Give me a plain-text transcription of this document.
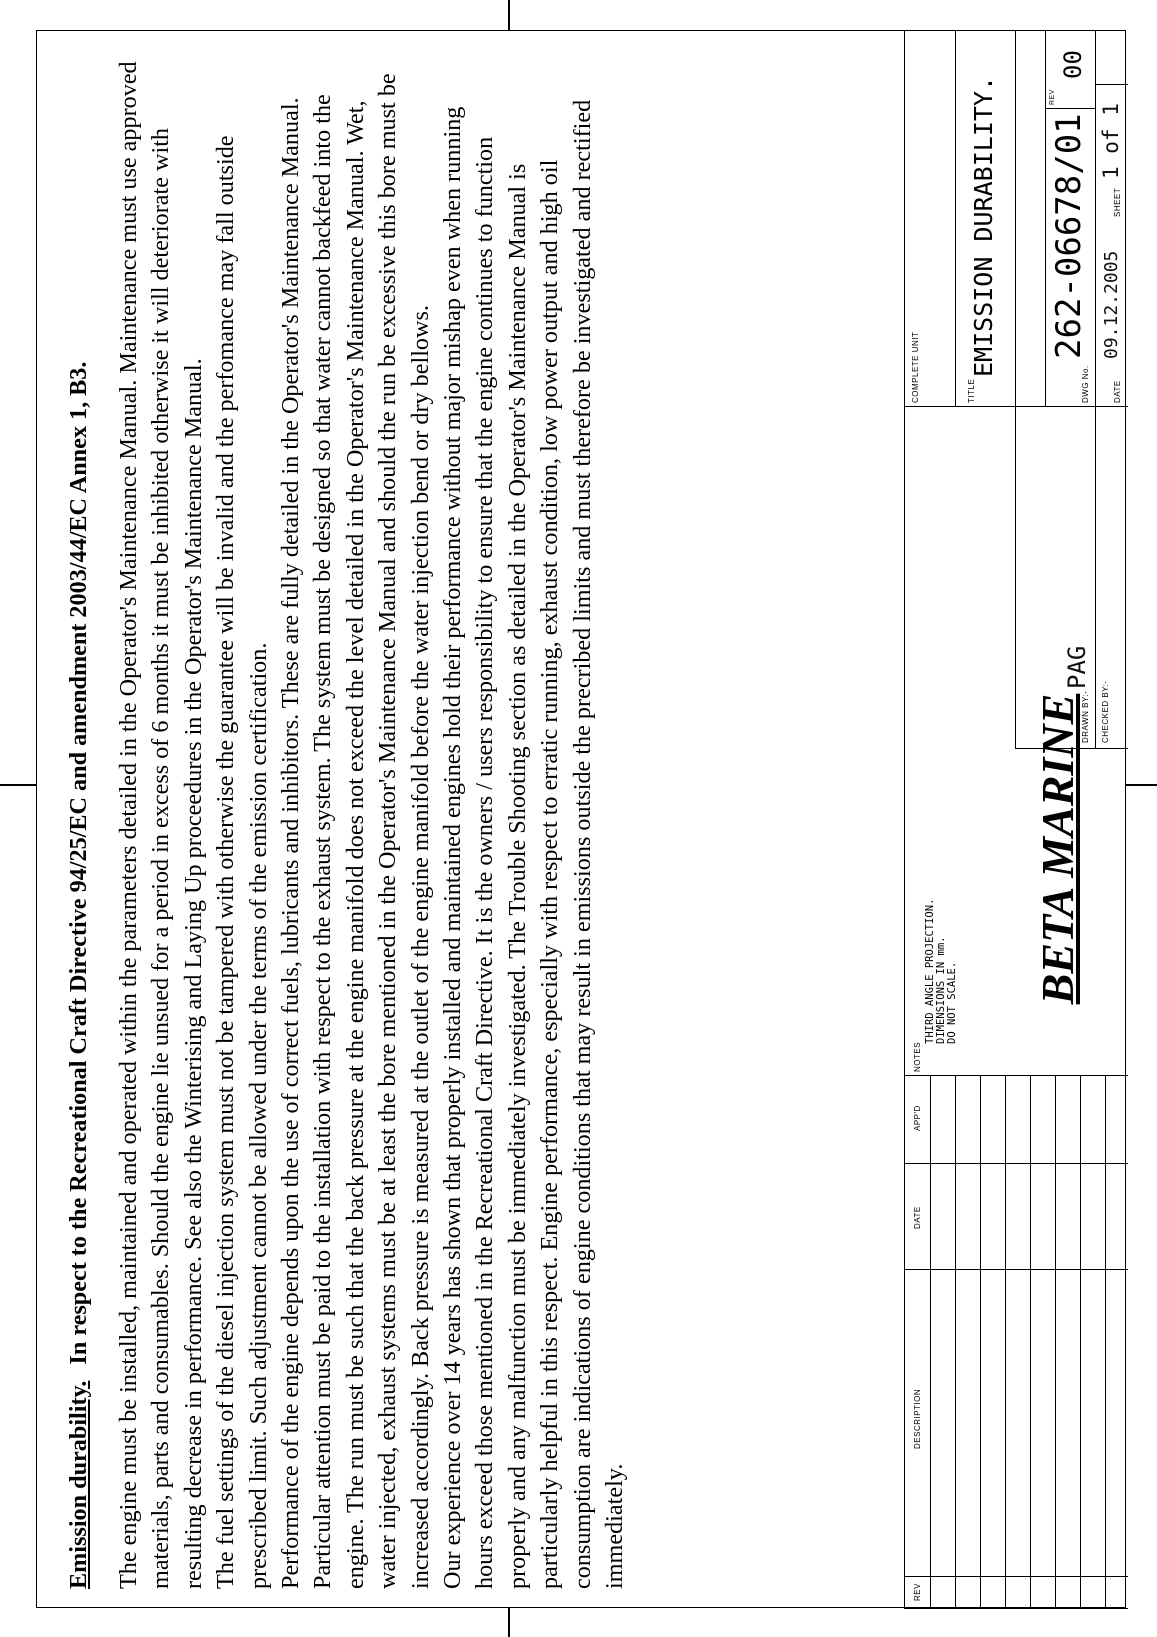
Emission durability. In respect to the Recreational Craft Directive 94/25/EC and amendment 2003/44/EC Annex 1, B3. The engine must be installed, maintained and operated within the parameters detailed in the Operator's Maintenance Manual. Maintenance must use approved materials, parts and consumables. Should the engine lie unsued for a period in excess of 6 months it must be inhibited otherwise it will deteriorate with resulting decrease in performance. See also the Winterising and Laying Up proceedures in the Operator's Maintenance Manual. The fuel settings of the diesel injection system must not be tampered with otherwise the guarantee will be invalid and the perfomance may fall outside prescribed limit. Such adjustment cannot be allowed under the terms of the emission certification. Performance of the engine depends upon the use of correct fuels, lubricants and inhibitors. These are fully detailed in the Operator's Maintenance Manual. Particular attention must be paid to the installation with respect to the exhaust system. The system must be designed so that water cannot backfeed into the engine. The run must be such that the back pressure at the engine manifold does not exceed the level detailed in the Operator's Maintenance Manual. Wet, water injected, exhaust systems must be at least the bore mentioned in the Operator's Maintenance Manual and should the run be excessive this bore must be increased accordingly. Back pressure is measured at the outlet of the engine manifold before the water injection bend or dry bellows. Our experience over 14 years has shown that properly installed and maintained engines hold their performance without major mishap even when running hours exceed those mentioned in the Recreational Craft Directive. It is the owners / users responsibility to ensure that the engine continues to function properly and any malfunction must be immediately investigated. The Trouble Shooting section as detailed in the Operator's Maintenance Manual is particularly helpful in this respect. Engine performance, especially with respect to erratic running, exhaust condition, low power output and high oil consumption are indications of engine conditions that may result in emissions outside the precribed limits and must therefore be investigated and rectified immediately.

REV
DESCRIPTION
DATE
APP'D
NOTES
THIRD ANGLE PROJECTION. DIMENSIONS IN mm. DO NOT SCALE. BETA MARINE
DRAWN BY:-
PAG
CHECKED BY:-
COMPLETE UNIT	TITLE
EMISSION DURABILITY.
DWG No.
262-06678/01
REV
00
DATE
09.12.2005
SHEET
1 of 1
